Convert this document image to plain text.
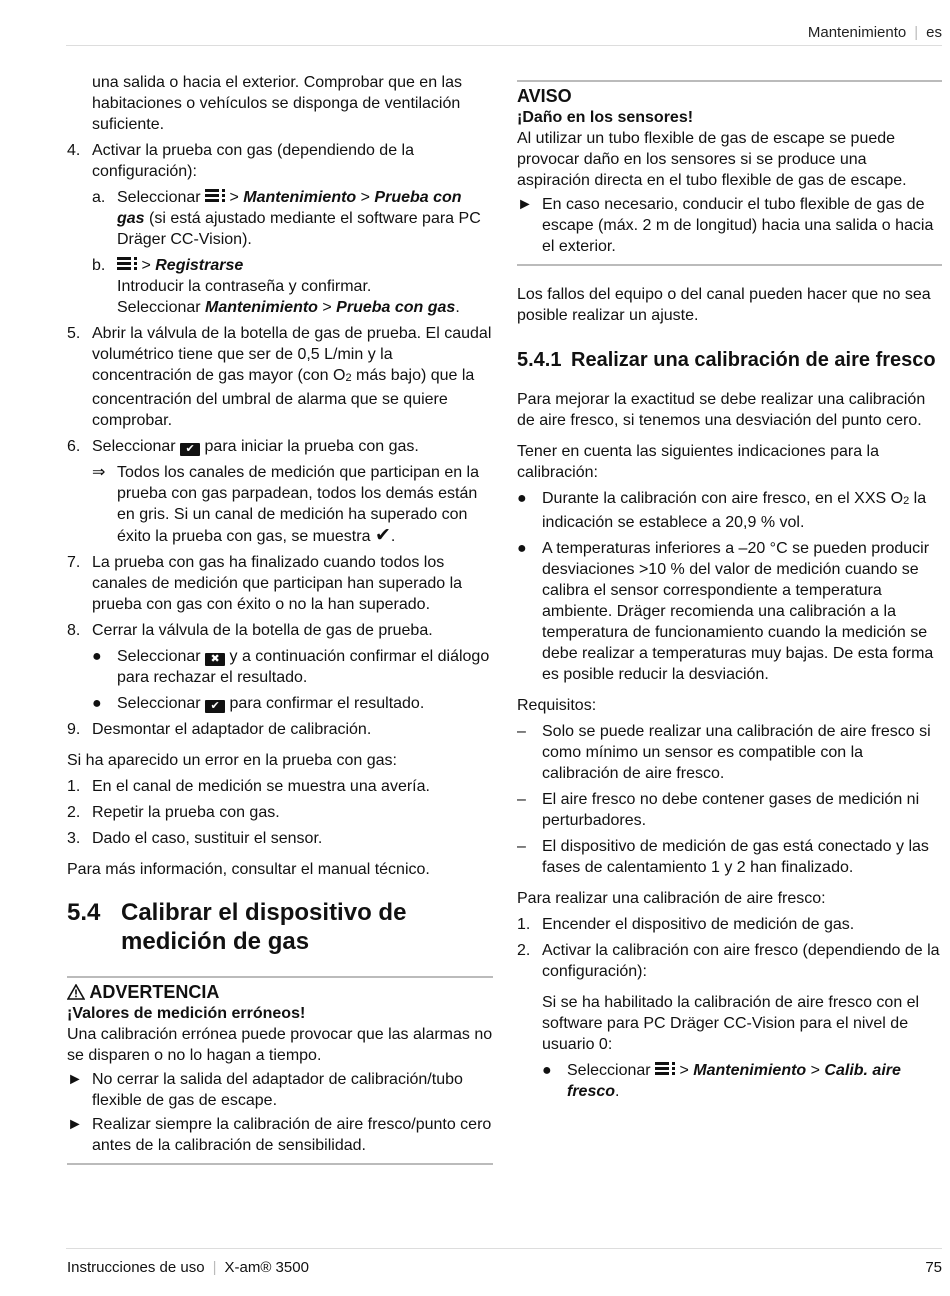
Mantenimiento | es
una salida o hacia el exterior. Comprobar que en las habitaciones o vehículos se disponga de ventilación suficiente.
4. Activar la prueba con gas (dependiendo de la configuración):
a. Seleccionar
> Mantenimiento > Prueba con gas (si está ajustado mediante el software para PC Dräger CC-Vision).
b. > Registrarse
Introducir la contraseña y confirmar.
Seleccionar Mantenimiento > Prueba con gas.
5. Abrir la válvula de la botella de gas de prueba. El caudal volumétrico tiene que ser de 0,5 L/min y la concentración de gas mayor (con $O_2$ más bajo) que la concentración del umbral de alarma que se quiere comprobar.
6. Seleccionar ✔ para iniciar la prueba con gas.
⇒ Todos los canales de medición que participan en la prueba con gas parpadean, todos los demás están en gris. Si un canal de medición ha superado con éxito la prueba con gas, se muestra ✔.
7. La prueba con gas ha finalizado cuando todos los canales de medición que participan han superado la prueba con gas con éxito o no la han superado.
8. Cerrar la válvula de la botella de gas de prueba.
● Seleccionar ✖ y a continuación confirmar el diálogo para rechazar el resultado.
● Seleccionar ✔ para confirmar el resultado.
9. Desmontar el adaptador de calibración.

Si ha aparecido un error en la prueba con gas:

1. En el canal de medición se muestra una avería.
2. Repetir la prueba con gas.
3. Dado el caso, sustituir el sensor.

Para más información, consultar el manual técnico.

5.4 Calibrar el dispositivo de medición de gas
ADVERTENCIA
¡Valores de medición erróneos!
Una calibración errónea puede provocar que las alarmas no se disparen o no lo hagan a tiempo.
► No cerrar la salida del adaptador de calibración/tubo flexible de gas de escape.
► Realizar siempre la calibración de aire fresco/punto cero antes de la calibración de sensibilidad.
AVISO
¡Daño en los sensores!
Al utilizar un tubo flexible de gas de escape se puede provocar daño en los sensores si se produce una aspiración directa en el tubo flexible de gas de escape.
► En caso necesario, conducir el tubo flexible de gas de escape (máx. 2 m de longitud) hacia una salida o hacia el exterior.

Los fallos del equipo o del canal pueden hacer que no sea posible realizar un ajuste.

5.4.1 Realizar una calibración de aire fresco

Para mejorar la exactitud se debe realizar una calibración de aire fresco, si tenemos una desviación del punto cero.

Tener en cuenta las siguientes indicaciones para la calibración:

● Durante la calibración con aire fresco, en el XXS $O_2$ la indicación se establece a 20,9 % vol.
● A temperaturas inferiores a –20 °C se pueden producir desviaciones >10 % del valor de medición cuando se calibra el sensor correspondiente a temperatura ambiente. Dräger recomienda una calibración a la temperatura de funcionamiento cuando la medición se debe realizar a temperaturas muy bajas. De esta forma es posible reducir la desviación.

Requisitos:

– Solo se puede realizar una calibración de aire fresco si como mínimo un sensor es compatible con la calibración de aire fresco.
– El aire fresco no debe contener gases de medición ni perturbadores.
– El dispositivo de medición de gas está conectado y las fases de calentamiento 1 y 2 han finalizado.

Para realizar una calibración de aire fresco:

1. Encender el dispositivo de medición de gas.
2. Activar la calibración con aire fresco (dependiendo de la configuración):

Si se ha habilitado la calibración de aire fresco con el software para PC Dräger CC-Vision para el nivel de usuario 0:

● Seleccionar
> Mantenimiento > Calib. aire fresco.
Instrucciones de uso | X-am® 3500	75
